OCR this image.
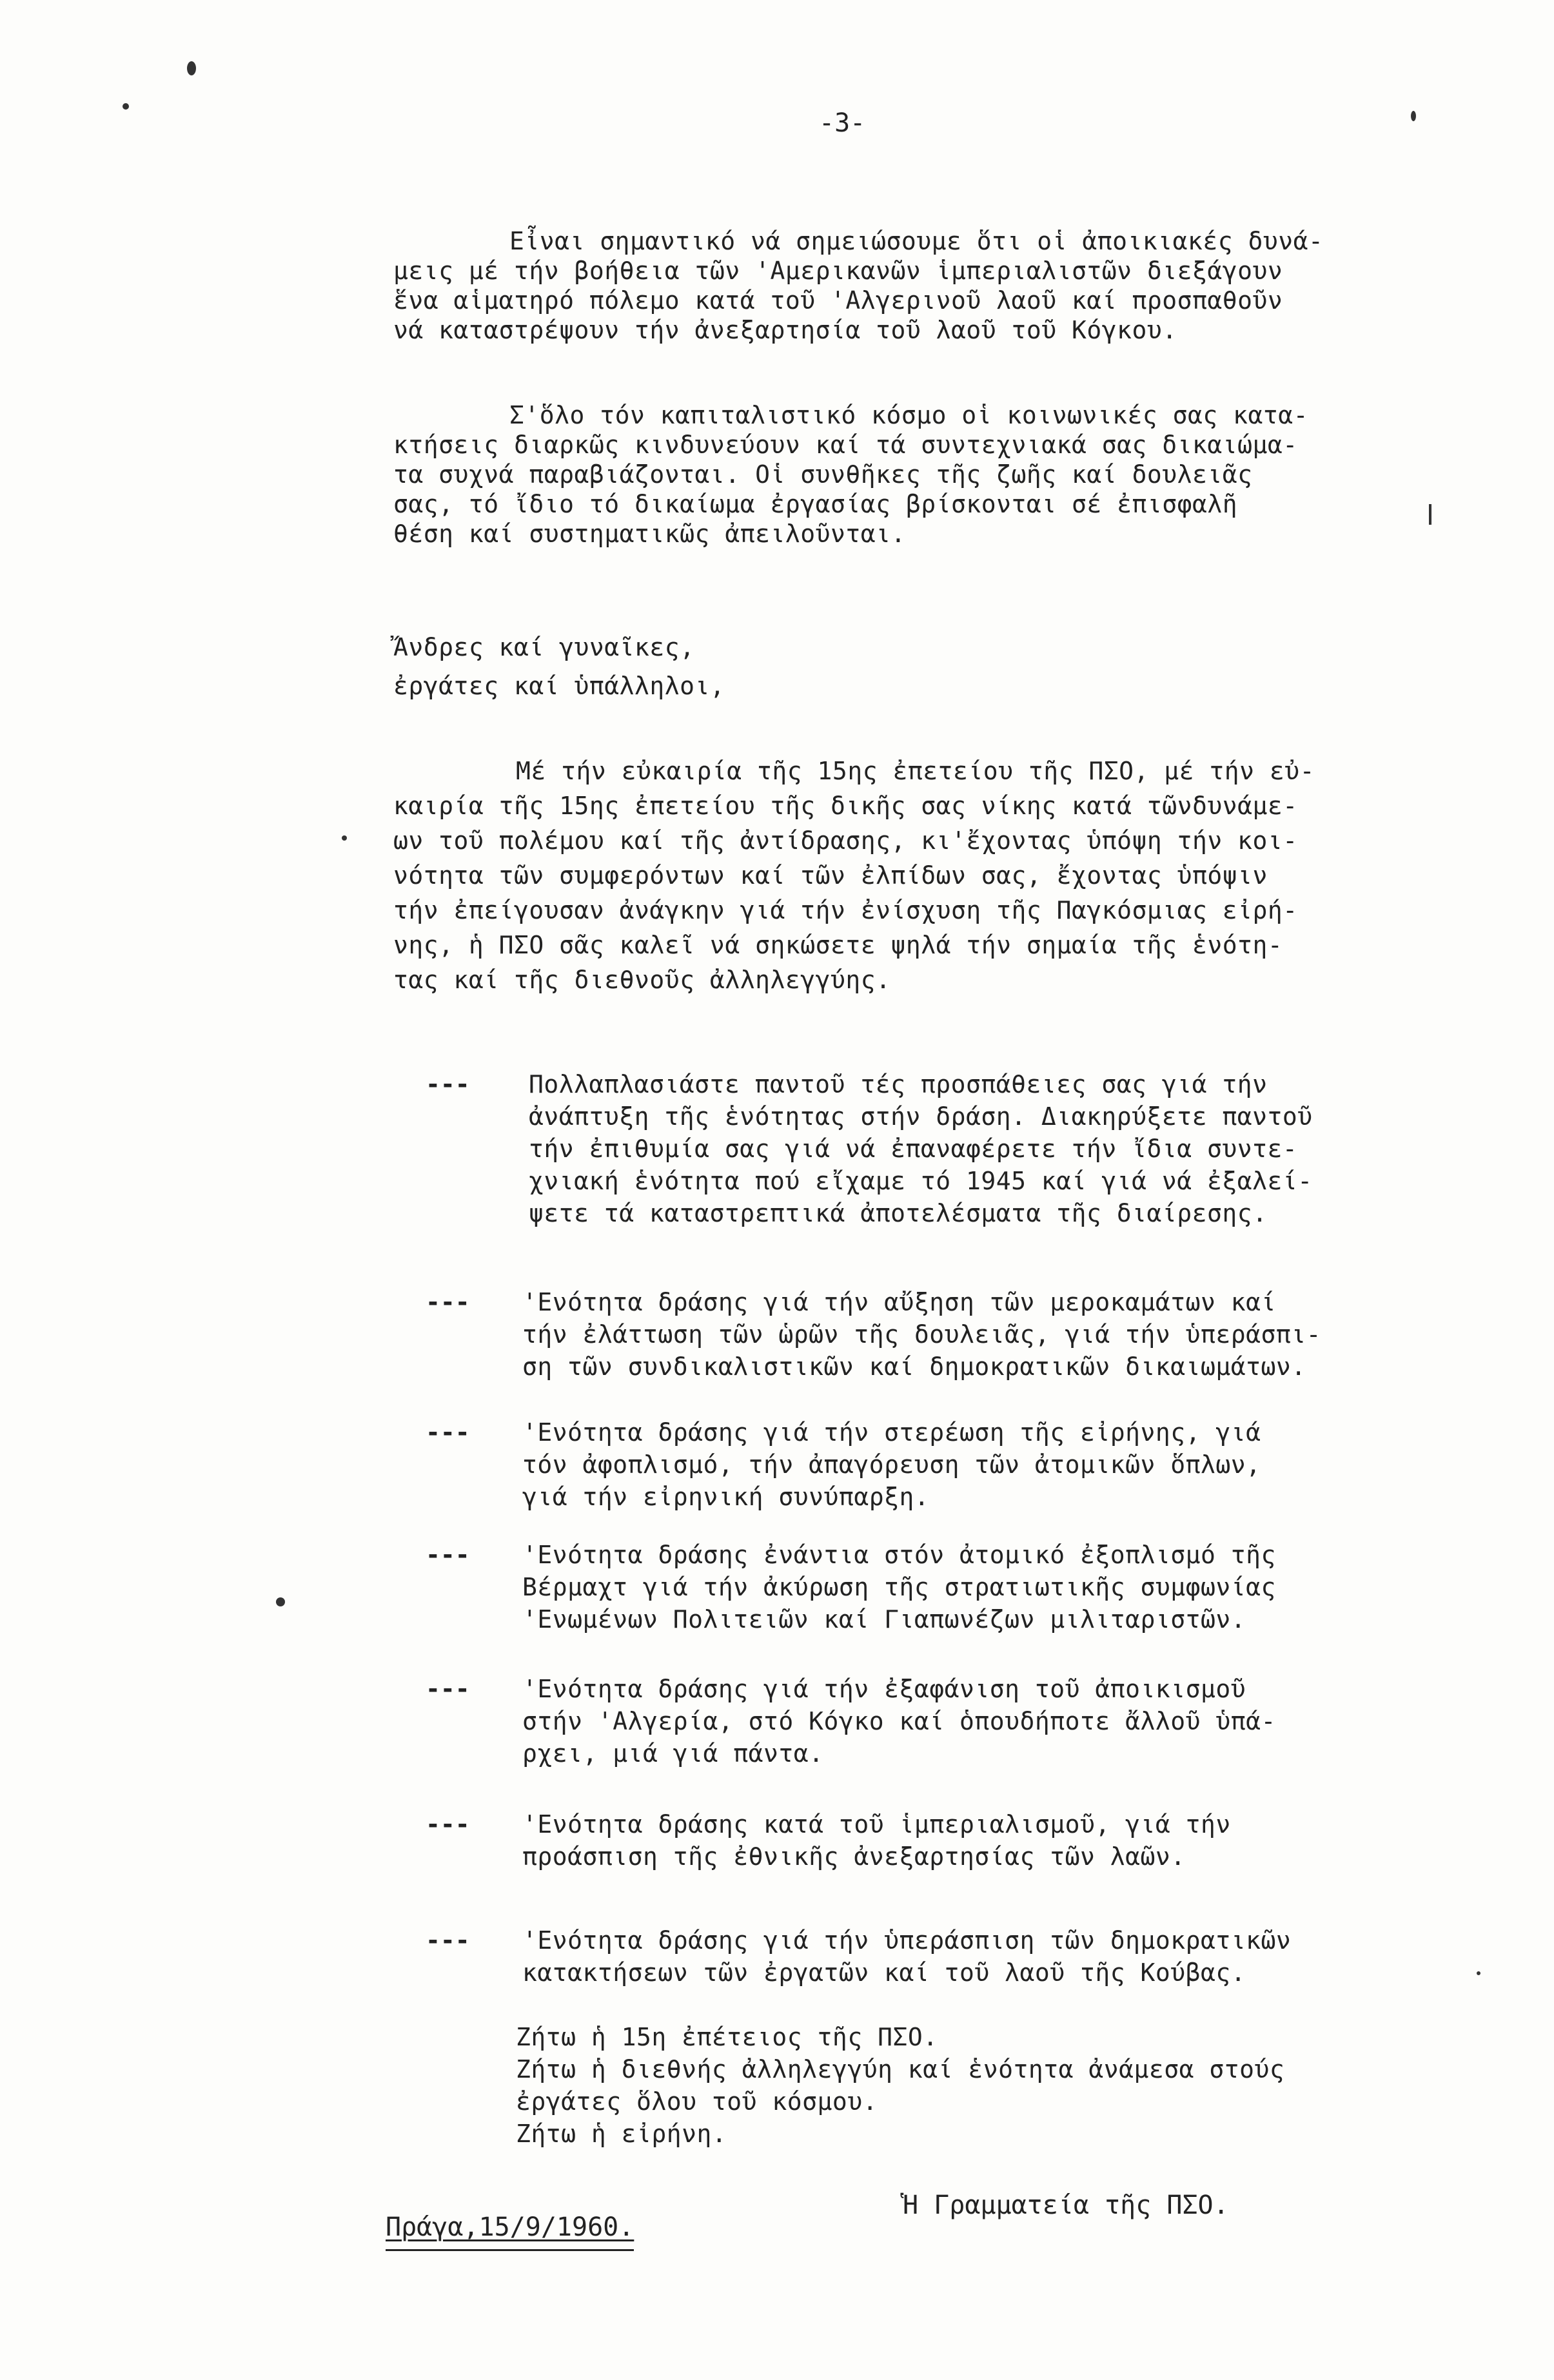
-3-
Εἶναι σημαντικό νά σημειώσουμε ὅτι οἱ ἀποικιακές δυνά-
μεις μέ τήν βοήθεια τῶν 'Αμερικανῶν ἱμπεριαλιστῶν διεξάγουν
ἕνα αἱματηρό πόλεμο κατά τοῦ 'Αλγερινοῦ λαοῦ καί προσπαθοῦν
νά καταστρέψουν τήν ἀνεξαρτησία τοῦ λαοῦ τοῦ Κόγκου.
Σ'ὅλο τόν καπιταλιστικό κόσμο οἱ κοινωνικές σας κατα-
κτήσεις διαρκῶς κινδυνεύουν καί τά συντεχνιακά σας δικαιώμα-
τα συχνά παραβιάζονται. Οἱ συνθῆκες τῆς ζωῆς καί δουλειᾶς
σας, τό ἴδιο τό δικαίωμα ἐργασίας βρίσκονται σέ ἐπισφαλῆ
θέση καί συστηματικῶς ἀπειλοῦνται.
Ἄνδρες καί γυναῖκες,
ἐργάτες καί ὑπάλληλοι,
Μέ τήν εὐκαιρία τῆς 15ης ἐπετείου τῆς ΠΣΟ, μέ τήν εὐ-
καιρία τῆς 15ης ἐπετείου τῆς δικῆς σας νίκης κατά τῶνδυνάμε-
ων τοῦ πολέμου καί τῆς ἀντίδρασης, κι'ἔχοντας ὑπόψη τήν κοι-
νότητα τῶν συμφερόντων καί τῶν ἐλπίδων σας, ἔχοντας ὑπόψιν
τήν ἐπείγουσαν ἀνάγκην γιά τήν ἐνίσχυση τῆς Παγκόσμιας εἰρή-
νης, ἡ ΠΣΟ σᾶς καλεῖ νά σηκώσετε ψηλά τήν σημαία τῆς ἑνότη-
τας καί τῆς διεθνοῦς ἀλληλεγγύης.
--- Πολλαπλασιάστε παντοῦ τές προσπάθειες σας γιά τήν
ἀνάπτυξη τῆς ἑνότητας στήν δράση. Διακηρύξετε παντοῦ
τήν ἐπιθυμία σας γιά νά ἐπαναφέρετε τήν ἴδια συντε-
χνιακή ἑνότητα πού εἴχαμε τό 1945 καί γιά νά ἐξαλεί-
ψετε τά καταστρεπτικά ἀποτελέσματα τῆς διαίρεσης.
--- 'Ενότητα δράσης γιά τήν αὔξηση τῶν μεροκαμάτων καί
τήν ἐλάττωση τῶν ὡρῶν τῆς δουλειᾶς, γιά τήν ὑπεράσπι-
ση τῶν συνδικαλιστικῶν καί δημοκρατικῶν δικαιωμάτων.
--- 'Ενότητα δράσης γιά τήν στερέωση τῆς εἰρήνης, γιά
τόν ἀφοπλισμό, τήν ἀπαγόρευση τῶν ἀτομικῶν ὅπλων,
γιά τήν εἰρηνική συνύπαρξη.
--- 'Ενότητα δράσης ἐνάντια στόν ἀτομικό ἐξοπλισμό τῆς
Βέρμαχτ γιά τήν ἀκύρωση τῆς στρατιωτικῆς συμφωνίας
'Ενωμένων Πολιτειῶν καί Γιαπωνέζων μιλιταριστῶν.
--- 'Ενότητα δράσης γιά τήν ἐξαφάνιση τοῦ ἀποικισμοῦ
στήν 'Αλγερία, στό Κόγκο καί ὁπουδήποτε ἄλλοῦ ὑπά-
ρχει, μιά γιά πάντα.
--- 'Ενότητα δράσης κατά τοῦ ἱμπεριαλισμοῦ, γιά τήν
προάσπιση τῆς ἐθνικῆς ἀνεξαρτησίας τῶν λαῶν.
--- 'Ενότητα δράσης γιά τήν ὑπεράσπιση τῶν δημοκρατικῶν
κατακτήσεων τῶν ἐργατῶν καί τοῦ λαοῦ τῆς Κούβας.
Ζήτω ἡ 15η ἐπέτειος τῆς ΠΣΟ.
Ζήτω ἡ διεθνής ἀλληλεγγύη καί ἑνότητα ἀνάμεσα στούς
ἐργάτες ὅλου τοῦ κόσμου.
Ζήτω ἡ εἰρήνη.
Ἡ Γραμματεία τῆς ΠΣΟ.
Πράγα,15/9/1960.
